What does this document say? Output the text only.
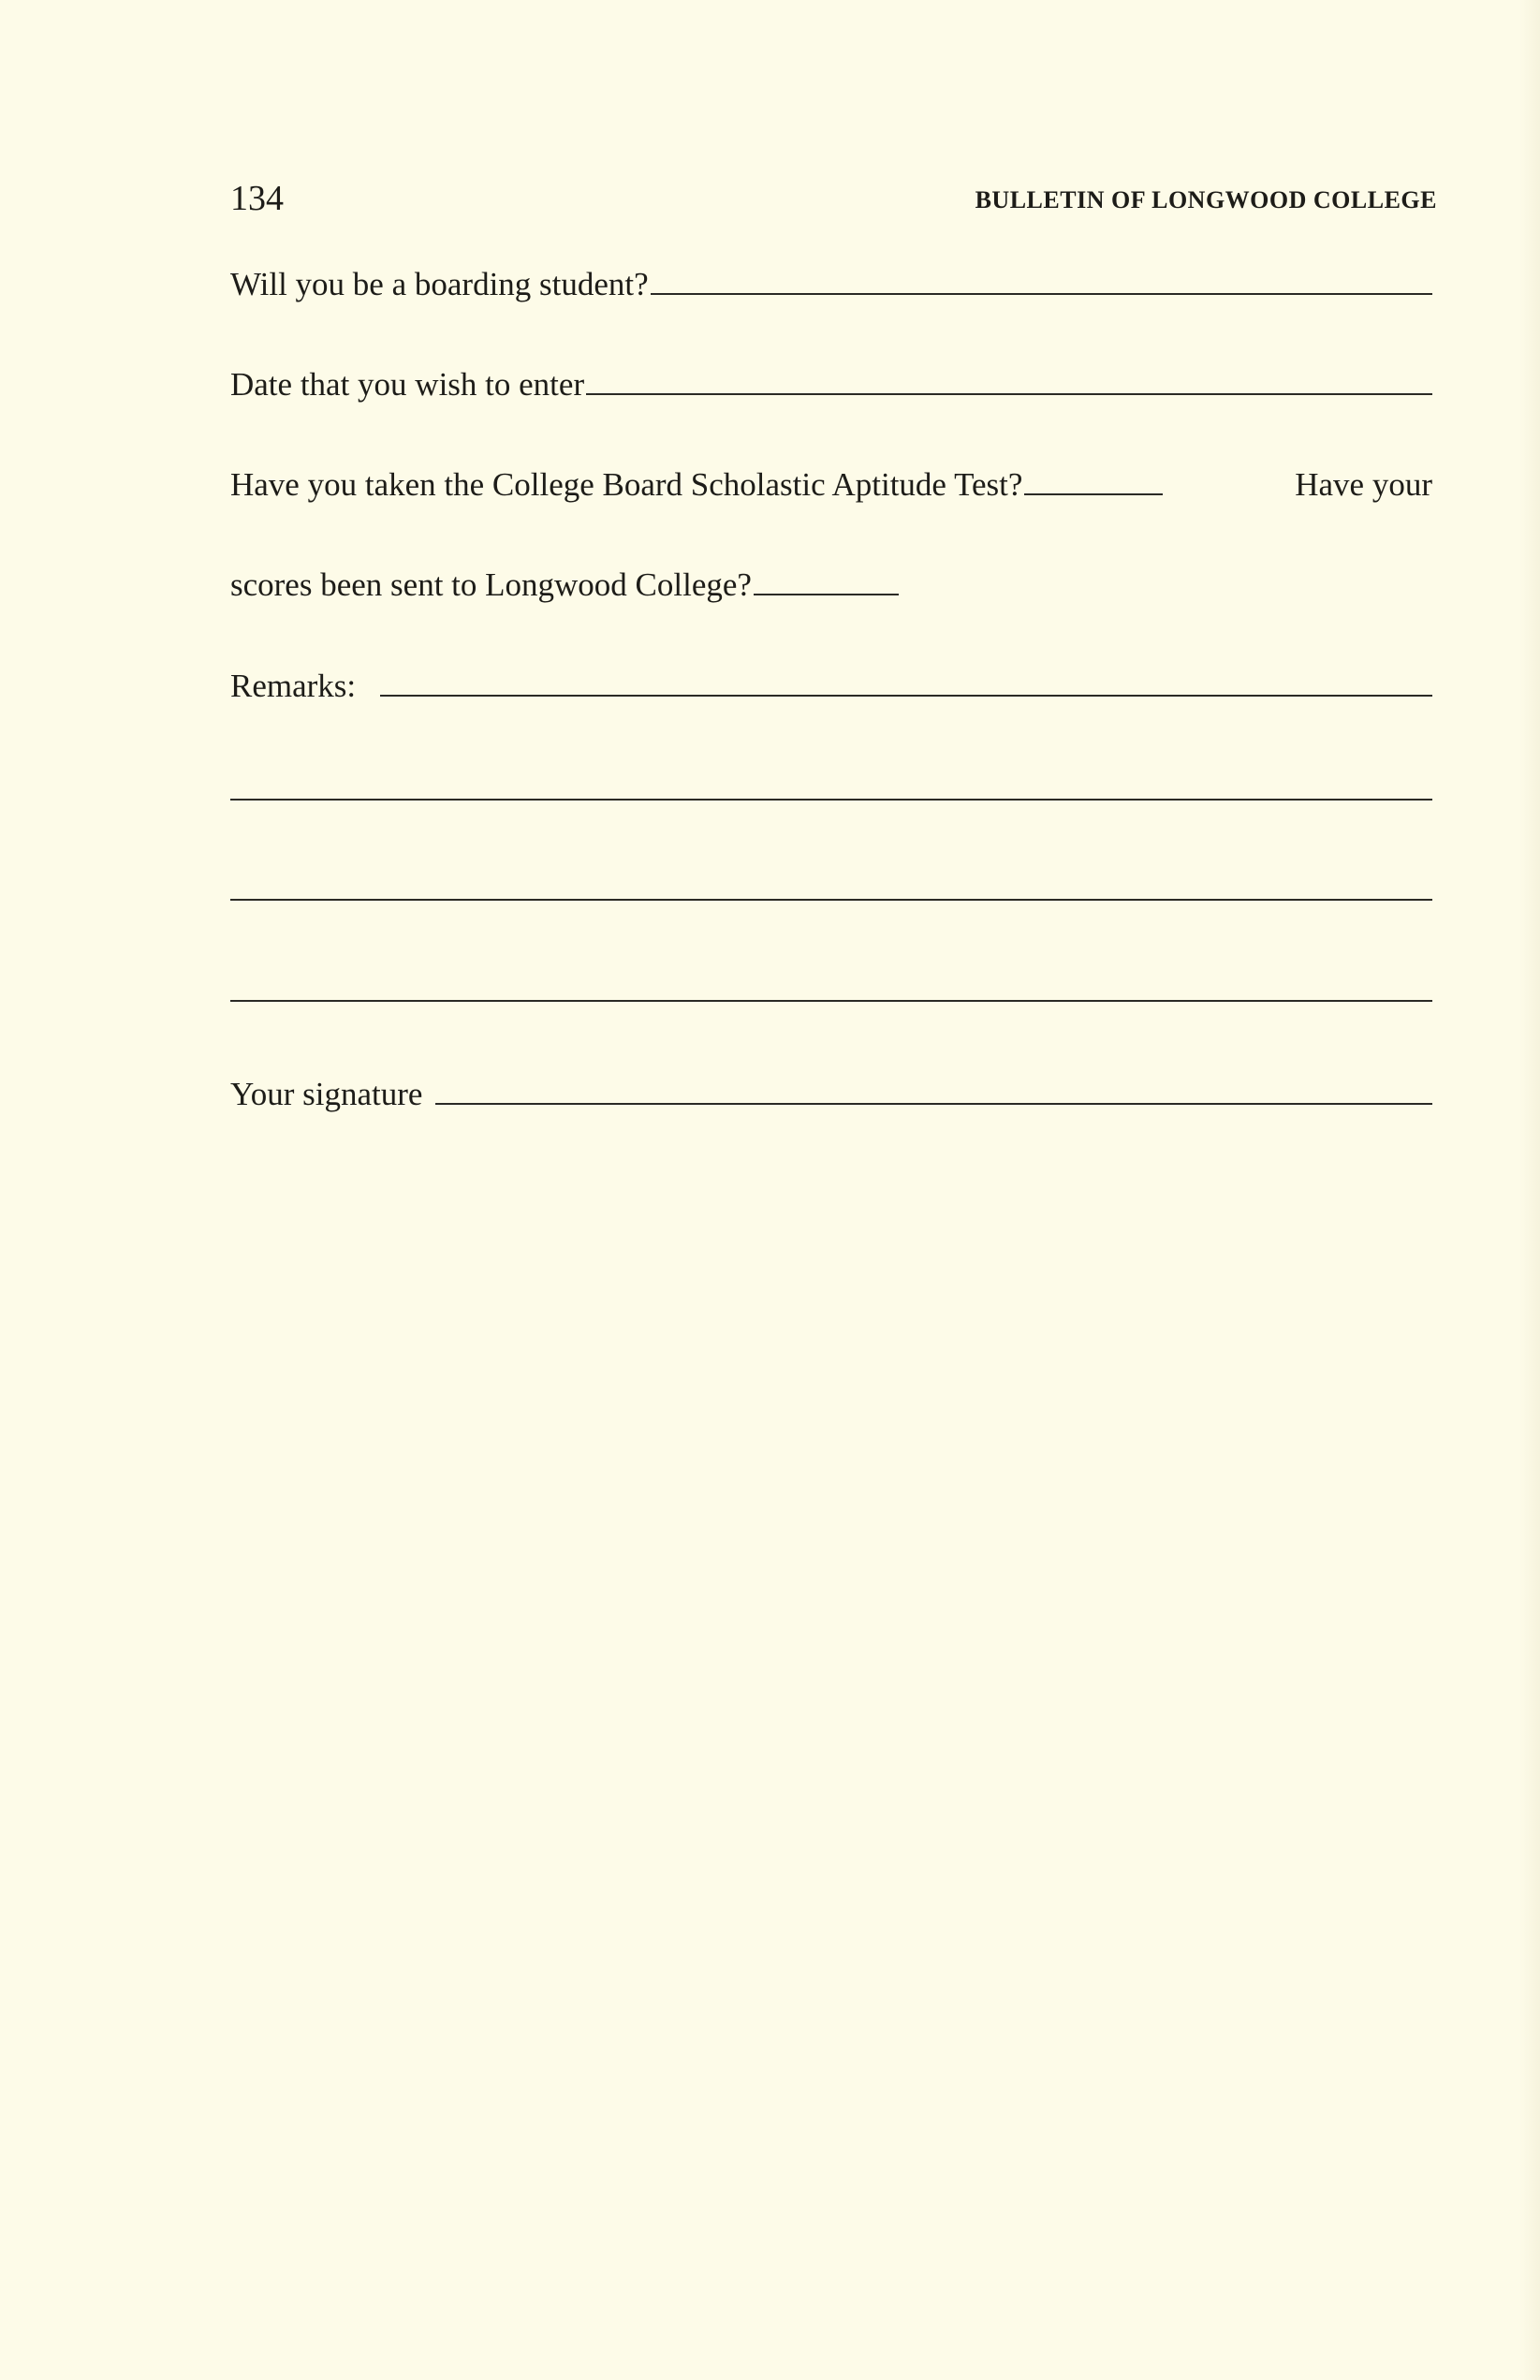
134	BULLETIN OF LONGWOOD COLLEGE
Will you be a boarding student?
Date that you wish to enter
Have you taken the College Board Scholastic Aptitude Test?	Have your
scores been sent to Longwood College?
Remarks:
Your signature
